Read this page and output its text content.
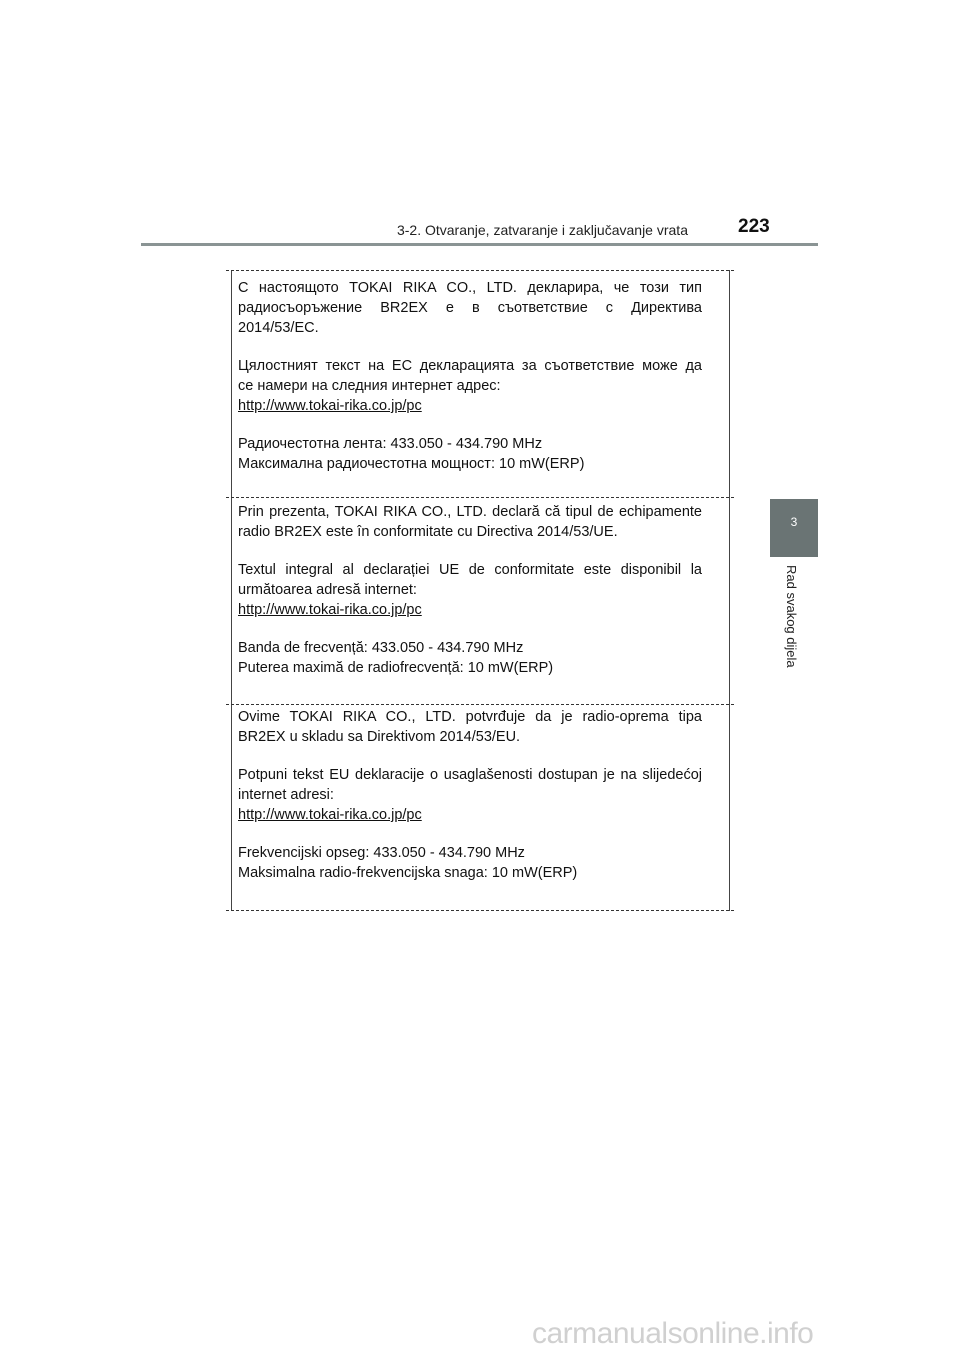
3-2. Otvaranje, zatvaranje i zaključavanje vrata	223
3
Rad svakog dijela

С настоящото TOKAI RIKA CO., LTD. декларира, че този тип

радиосъоръжение BR2EX е в съответствие с Директива

2014/53/ЕС.

Цялостният текст на ЕС декларацията за съответствие може да

се намери на следния интернет адрес:

http://www.tokai-rika.co.jp/pc

Радиочестотна лента: 433.050 - 434.790 MHz

Максимална радиочестотна мощност: 10 mW(ERP)

Prin prezenta, TOKAI RIKA CO., LTD. declară că tipul de echipamente

radio BR2EX este în conformitate cu Directiva 2014/53/UE.

Textul integral al declarației UE de conformitate este disponibil la

următoarea adresă internet:

http://www.tokai-rika.co.jp/pc

Banda de frecvență: 433.050 - 434.790 MHz

Puterea maximă de radiofrecvență: 10 mW(ERP)

Ovime TOKAI RIKA CO., LTD. potvrđuje da je radio-oprema tipa

BR2EX u skladu sa Direktivom 2014/53/EU.

Potpuni tekst EU deklaracije o usaglašenosti dostupan je na slijedećoj

internet adresi:

http://www.tokai-rika.co.jp/pc

Frekvencijski opseg: 433.050 - 434.790 MHz

Maksimalna radio-frekvencijska snaga: 10 mW(ERP)

carmanualsonline.info
